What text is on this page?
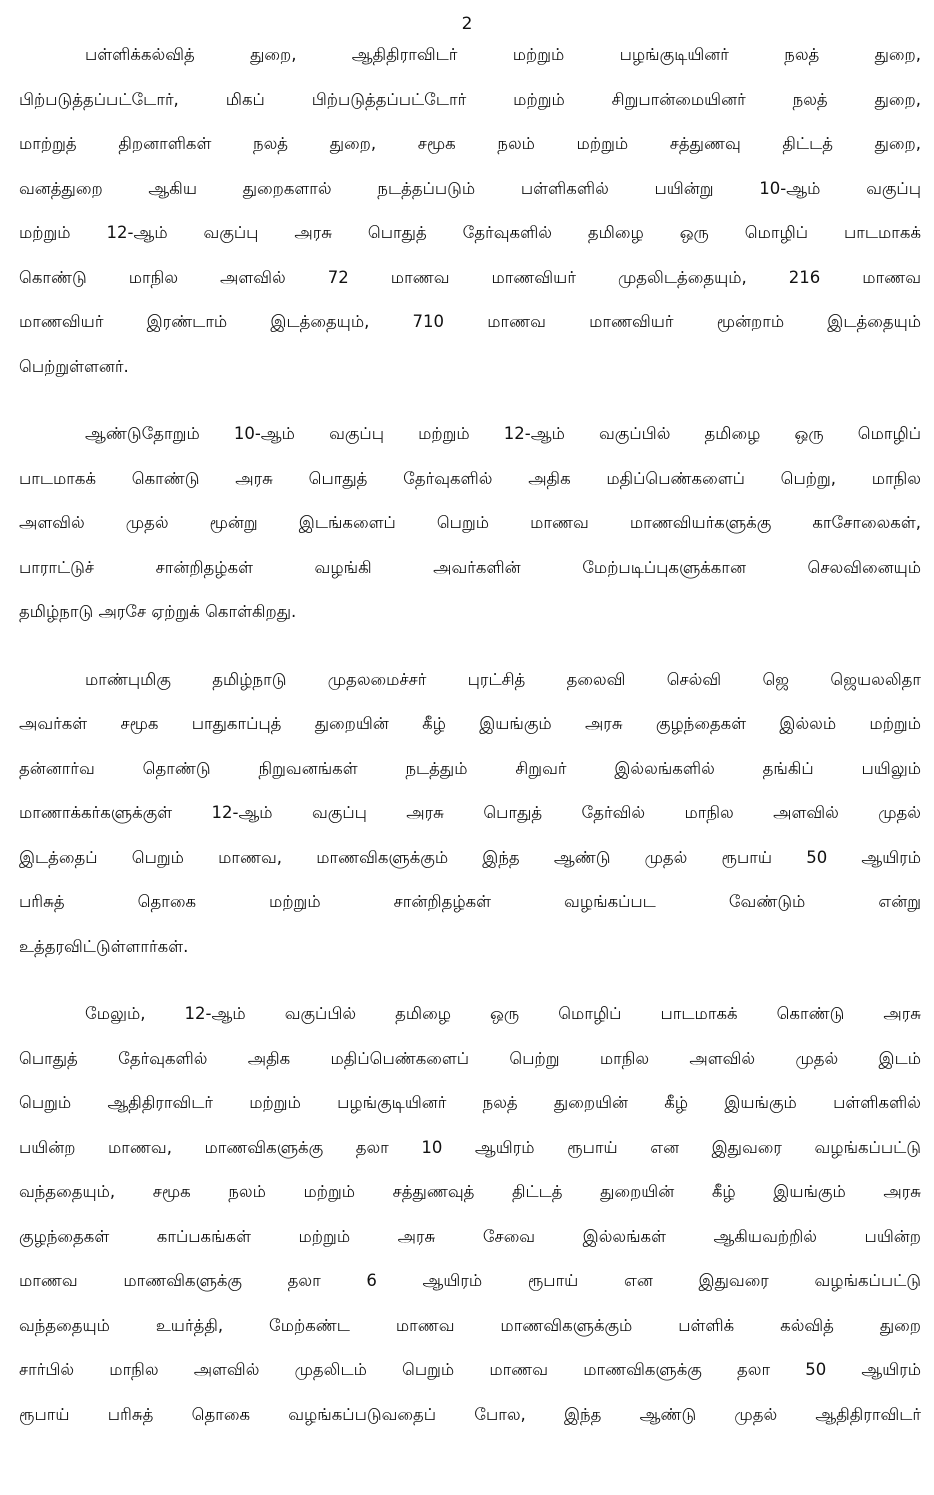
2
பள்ளிக்கல்வித் துறை, ஆதிதிராவிடர் மற்றும் பழங்குடியினர் நலத் துறை,
பிற்படுத்தப்பட்டோர், மிகப் பிற்படுத்தப்பட்டோர் மற்றும் சிறுபான்மையினர் நலத் துறை,
மாற்றுத் திறனாளிகள் நலத் துறை, சமூக நலம் மற்றும் சத்துணவு திட்டத் துறை,
வனத்துறை ஆகிய துறைகளால் நடத்தப்படும் பள்ளிகளில் பயின்று 10-ஆம் வகுப்பு
மற்றும் 12-ஆம் வகுப்பு அரசு பொதுத் தேர்வுகளில் தமிழை ஒரு மொழிப் பாடமாகக்
கொண்டு மாநில அளவில் 72 மாணவ மாணவியர் முதலிடத்தையும், 216 மாணவ
மாணவியர் இரண்டாம் இடத்தையும், 710 மாணவ மாணவியர் மூன்றாம் இடத்தையும்
பெற்றுள்ளனர்.
ஆண்டுதோறும் 10-ஆம் வகுப்பு மற்றும் 12-ஆம் வகுப்பில் தமிழை ஒரு மொழிப்
பாடமாகக் கொண்டு அரசு பொதுத் தேர்வுகளில் அதிக மதிப்பெண்களைப் பெற்று, மாநில
அளவில் முதல் மூன்று இடங்களைப் பெறும் மாணவ மாணவியர்களுக்கு காசோலைகள்,
பாராட்டுச் சான்றிதழ்கள் வழங்கி அவர்களின் மேற்படிப்புகளுக்கான செலவினையும்
தமிழ்நாடு அரசே ஏற்றுக் கொள்கிறது.
மாண்புமிகு தமிழ்நாடு முதலமைச்சர் புரட்சித் தலைவி செல்வி ஜெ ஜெயலலிதா
அவர்கள் சமூக பாதுகாப்புத் துறையின் கீழ் இயங்கும் அரசு குழந்தைகள் இல்லம் மற்றும்
தன்னார்வ தொண்டு நிறுவனங்கள் நடத்தும் சிறுவர் இல்லங்களில் தங்கிப் பயிலும்
மாணாக்கர்களுக்குள் 12-ஆம் வகுப்பு அரசு பொதுத் தேர்வில் மாநில அளவில் முதல்
இடத்தைப் பெறும் மாணவ, மாணவிகளுக்கும் இந்த ஆண்டு முதல் ரூபாய் 50 ஆயிரம்
பரிசுத் தொகை மற்றும் சான்றிதழ்கள் வழங்கப்பட வேண்டும் என்று
உத்தரவிட்டுள்ளார்கள்.
மேலும், 12-ஆம் வகுப்பில் தமிழை ஒரு மொழிப் பாடமாகக் கொண்டு அரசு
பொதுத் தேர்வுகளில் அதிக மதிப்பெண்களைப் பெற்று மாநில அளவில் முதல் இடம்
பெறும் ஆதிதிராவிடர் மற்றும் பழங்குடியினர் நலத் துறையின் கீழ் இயங்கும் பள்ளிகளில்
பயின்ற மாணவ, மாணவிகளுக்கு தலா 10 ஆயிரம் ரூபாய் என இதுவரை வழங்கப்பட்டு
வந்ததையும், சமூக நலம் மற்றும் சத்துணவுத் திட்டத் துறையின் கீழ் இயங்கும் அரசு
குழந்தைகள் காப்பகங்கள் மற்றும் அரசு சேவை இல்லங்கள் ஆகியவற்றில் பயின்ற
மாணவ மாணவிகளுக்கு தலா 6 ஆயிரம் ரூபாய் என இதுவரை வழங்கப்பட்டு
வந்ததையும் உயர்த்தி, மேற்கண்ட மாணவ மாணவிகளுக்கும் பள்ளிக் கல்வித் துறை
சார்பில் மாநில அளவில் முதலிடம் பெறும் மாணவ மாணவிகளுக்கு தலா 50 ஆயிரம்
ரூபாய் பரிசுத் தொகை வழங்கப்படுவதைப் போல, இந்த ஆண்டு முதல் ஆதிதிராவிடர்
